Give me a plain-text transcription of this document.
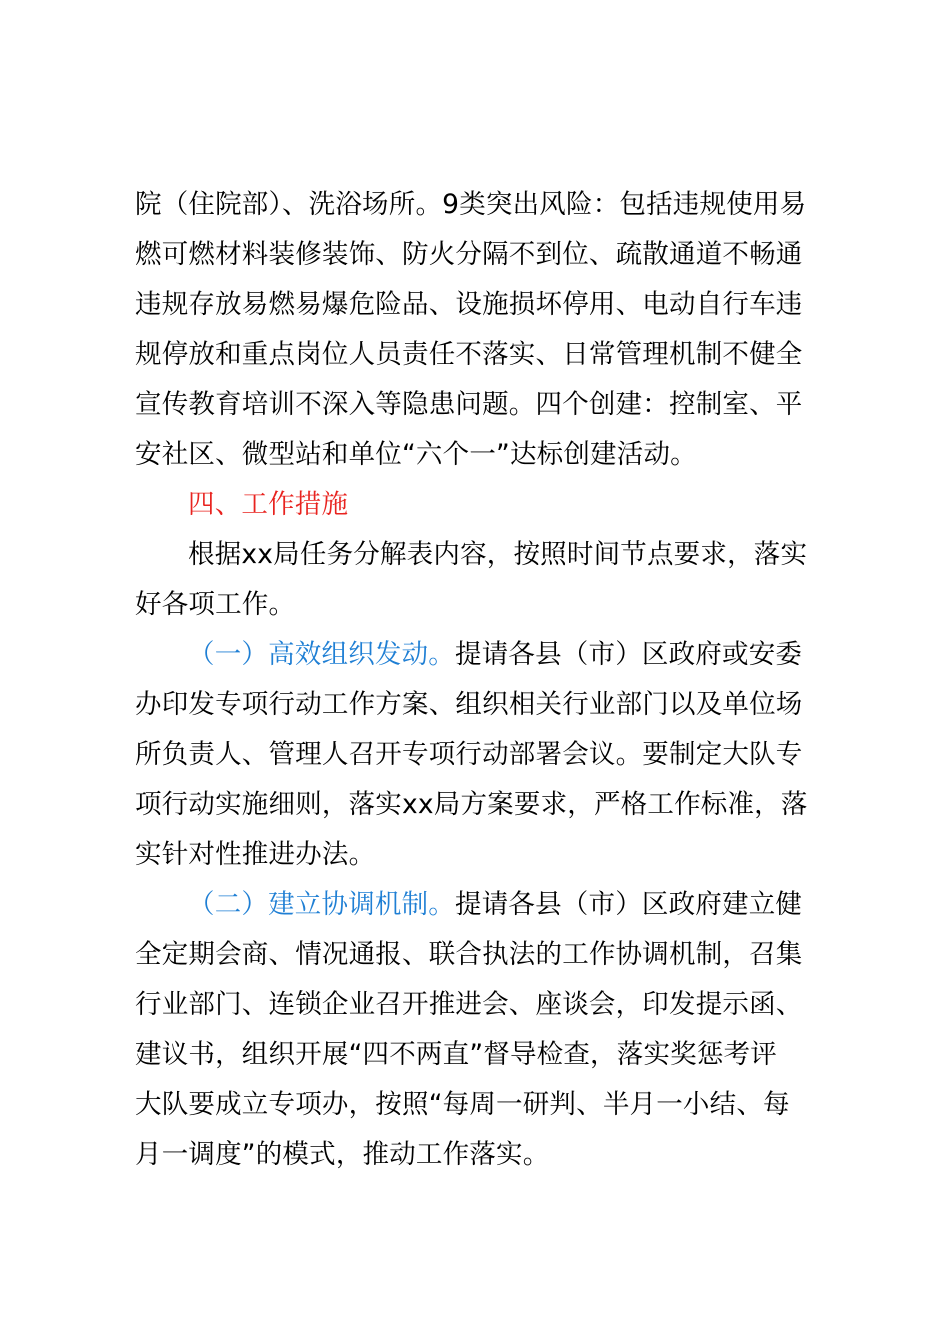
院（住院部）、洗浴场所。9类突出风险：包括违规使用易
燃可燃材料装修装饰、防火分隔不到位、疏散通道不畅通
违规存放易燃易爆危险品、设施损坏停用、电动自行车违
规停放和重点岗位人员责任不落实、日常管理机制不健全
宣传教育培训不深入等隐患问题。四个创建：控制室、平
安社区、微型站和单位“六个一”达标创建活动。
四、工作措施
根据xx局任务分解表内容，按照时间节点要求，落实
好各项工作。
（一）高效组织发动。提请各县（市）区政府或安委
办印发专项行动工作方案、组织相关行业部门以及单位场
所负责人、管理人召开专项行动部署会议。要制定大队专
项行动实施细则，落实xx局方案要求，严格工作标准，落
实针对性推进办法。
（二）建立协调机制。提请各县（市）区政府建立健
全定期会商、情况通报、联合执法的工作协调机制，召集
行业部门、连锁企业召开推进会、座谈会，印发提示函、
建议书，组织开展“四不两直”督导检查，落实奖惩考评
大队要成立专项办，按照“每周一研判、半月一小结、每
月一调度”的模式，推动工作落实。
